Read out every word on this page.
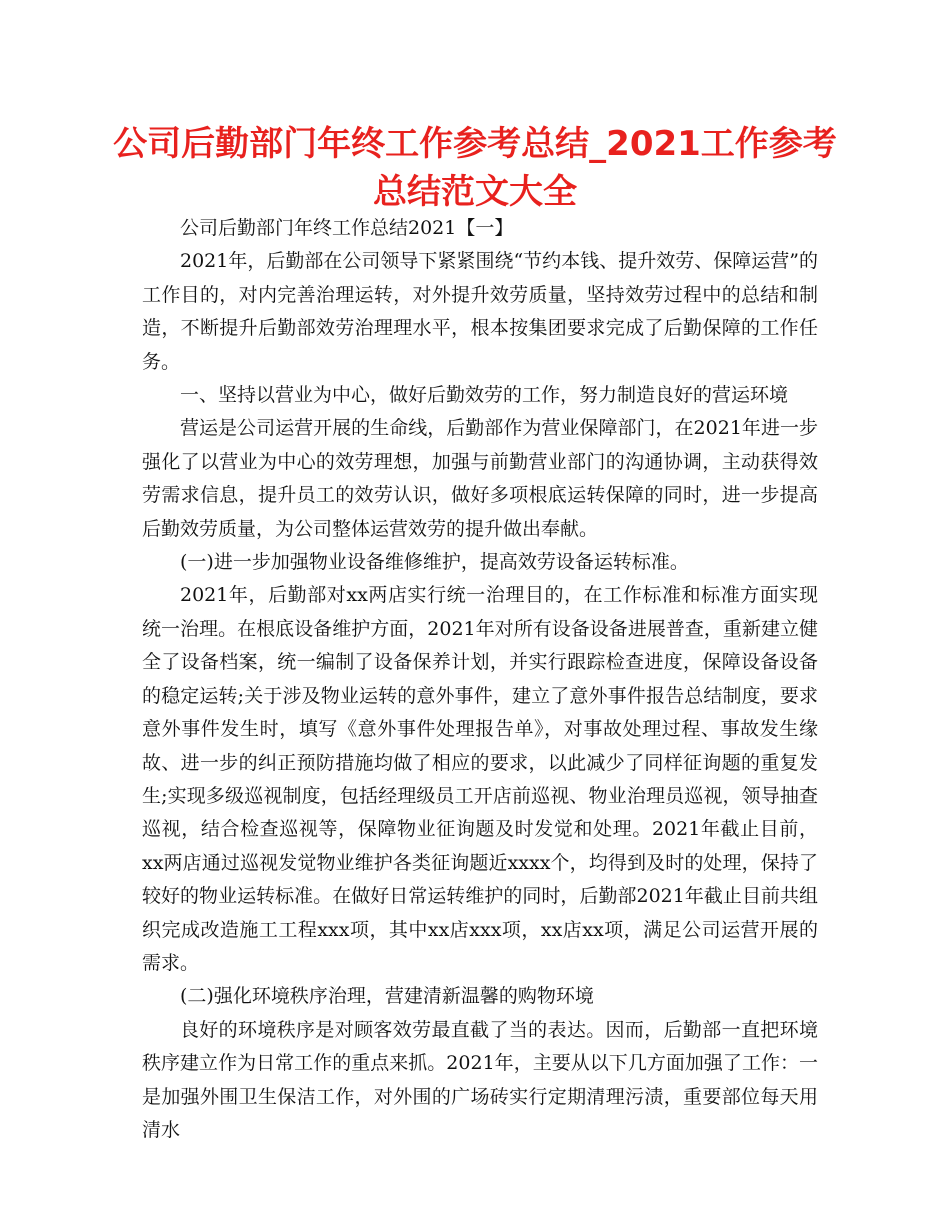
公司后勤部门年终工作参考总结_2021工作参考总结范文大全

公司后勤部门年终工作总结2021【一】

2021年，后勤部在公司领导下紧紧围绕“节约本钱、提升效劳、保障运营”的工作目的，对内完善治理运转，对外提升效劳质量，坚持效劳过程中的总结和制造，不断提升后勤部效劳治理理水平，根本按集团要求完成了后勤保障的工作任务。

一、坚持以营业为中心，做好后勤效劳的工作，努力制造良好的营运环境

营运是公司运营开展的生命线，后勤部作为营业保障部门，在2021年进一步强化了以营业为中心的效劳理想，加强与前勤营业部门的沟通协调，主动获得效劳需求信息，提升员工的效劳认识，做好多项根底运转保障的同时，进一步提高后勤效劳质量，为公司整体运营效劳的提升做出奉献。

(一)进一步加强物业设备维修维护，提高效劳设备运转标准。

2021年，后勤部对xx两店实行统一治理目的，在工作标准和标准方面实现统一治理。在根底设备维护方面，2021年对所有设备设备进展普查，重新建立健全了设备档案，统一编制了设备保养计划，并实行跟踪检查进度，保障设备设备的稳定运转;关于涉及物业运转的意外事件，建立了意外事件报告总结制度，要求意外事件发生时，填写《意外事件处理报告单》，对事故处理过程、事故发生缘故、进一步的纠正预防措施均做了相应的要求，以此减少了同样征询题的重复发生;实现多级巡视制度，包括经理级员工开店前巡视、物业治理员巡视，领导抽查巡视，结合检查巡视等，保障物业征询题及时发觉和处理。2021年截止目前，xx两店通过巡视发觉物业维护各类征询题近xxxx个，均得到及时的处理，保持了较好的物业运转标准。在做好日常运转维护的同时，后勤部2021年截止目前共组织完成改造施工工程xxx项，其中xx店xxx项，xx店xx项，满足公司运营开展的需求。

(二)强化环境秩序治理，营建清新温馨的购物环境

良好的环境秩序是对顾客效劳最直截了当的表达。因而，后勤部一直把环境秩序建立作为日常工作的重点来抓。2021年，主要从以下几方面加强了工作：一是加强外围卫生保洁工作，对外围的广场砖实行定期清理污渍，重要部位每天用清水
